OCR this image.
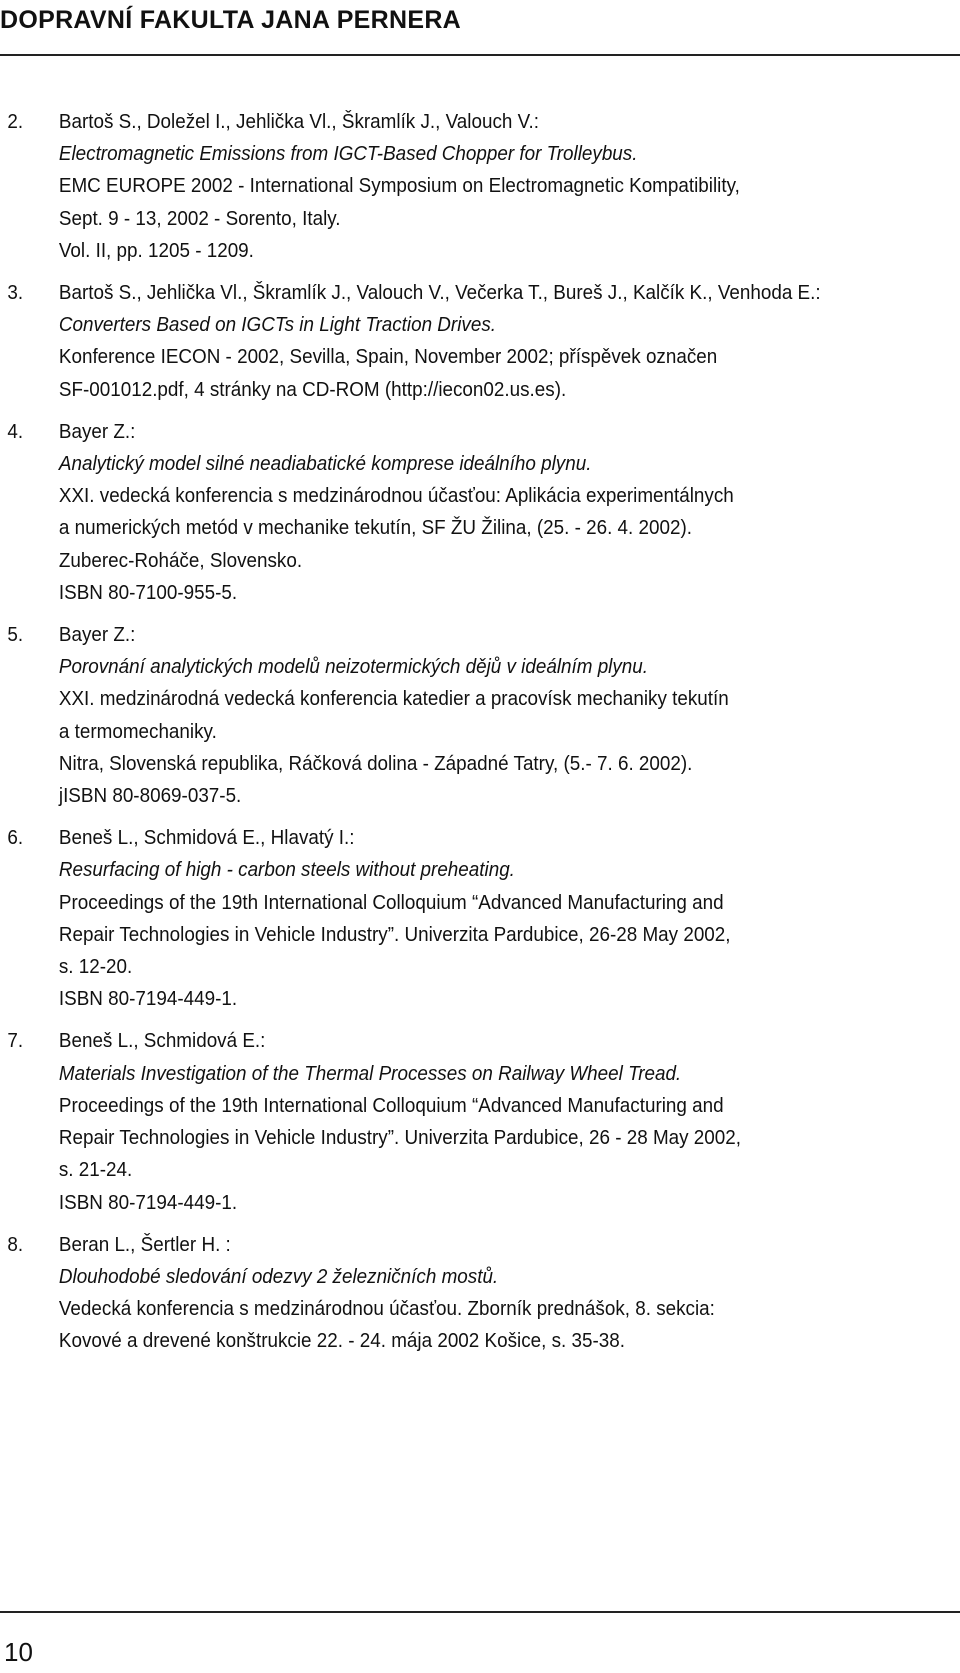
DOPRAVNÍ FAKULTA JANA PERNERA
2.	Bartoš S., Doležel I., Jehlička Vl., Škramlík J., Valouch V.:
Electromagnetic Emissions from IGCT-Based Chopper for Trolleybus.
EMC EUROPE 2002 - International Symposium on Electromagnetic Kompatibility,
Sept. 9 - 13, 2002 - Sorento, Italy.
Vol. II, pp. 1205 - 1209.
3.	Bartoš S., Jehlička Vl., Škramlík J., Valouch V., Večerka T., Bureš J., Kalčík K., Venhoda E.:
Converters Based on IGCTs in Light Traction Drives.
Konference IECON - 2002, Sevilla, Spain, November 2002; příspěvek označen
SF-001012.pdf, 4 stránky na CD-ROM (http://iecon02.us.es).
4.	Bayer Z.:
Analytický model silné neadiabatické komprese ideálního plynu.
XXI. vedecká konferencia s medzinárodnou účasťou: Aplikácia experimentálnych
a numerických metód v mechanike tekutín, SF ŽU Žilina, (25. - 26. 4. 2002).
Zuberec-Roháče, Slovensko.
ISBN 80-7100-955-5.
5.	Bayer Z.:
Porovnání analytických modelů neizotermických dějů v ideálním plynu.
XXI. medzinárodná vedecká konferencia katedier a pracovísk mechaniky tekutín
a termomechaniky.
Nitra, Slovenská republika, Ráčková dolina - Západné Tatry, (5.- 7. 6. 2002).
jISBN 80-8069-037-5.
6.	Beneš L., Schmidová E., Hlavatý I.:
Resurfacing of high - carbon steels without preheating.
Proceedings of the 19th International Colloquium “Advanced Manufacturing and
Repair Technologies in Vehicle Industry”. Univerzita Pardubice, 26-28 May 2002,
s. 12-20.
ISBN 80-7194-449-1.
7.	Beneš L., Schmidová E.:
Materials Investigation of the Thermal Processes on Railway Wheel Tread.
Proceedings of the 19th International Colloquium “Advanced Manufacturing and
Repair Technologies in Vehicle Industry”. Univerzita Pardubice, 26 - 28 May 2002,
s. 21-24.
ISBN 80-7194-449-1.
8.	Beran L., Šertler H. :
Dlouhodobé sledování odezvy 2 železničních mostů.
Vedecká konferencia s medzinárodnou účasťou. Zborník prednášok, 8. sekcia:
Kovové a drevené konštrukcie 22. - 24. mája 2002 Košice, s. 35-38.
10
